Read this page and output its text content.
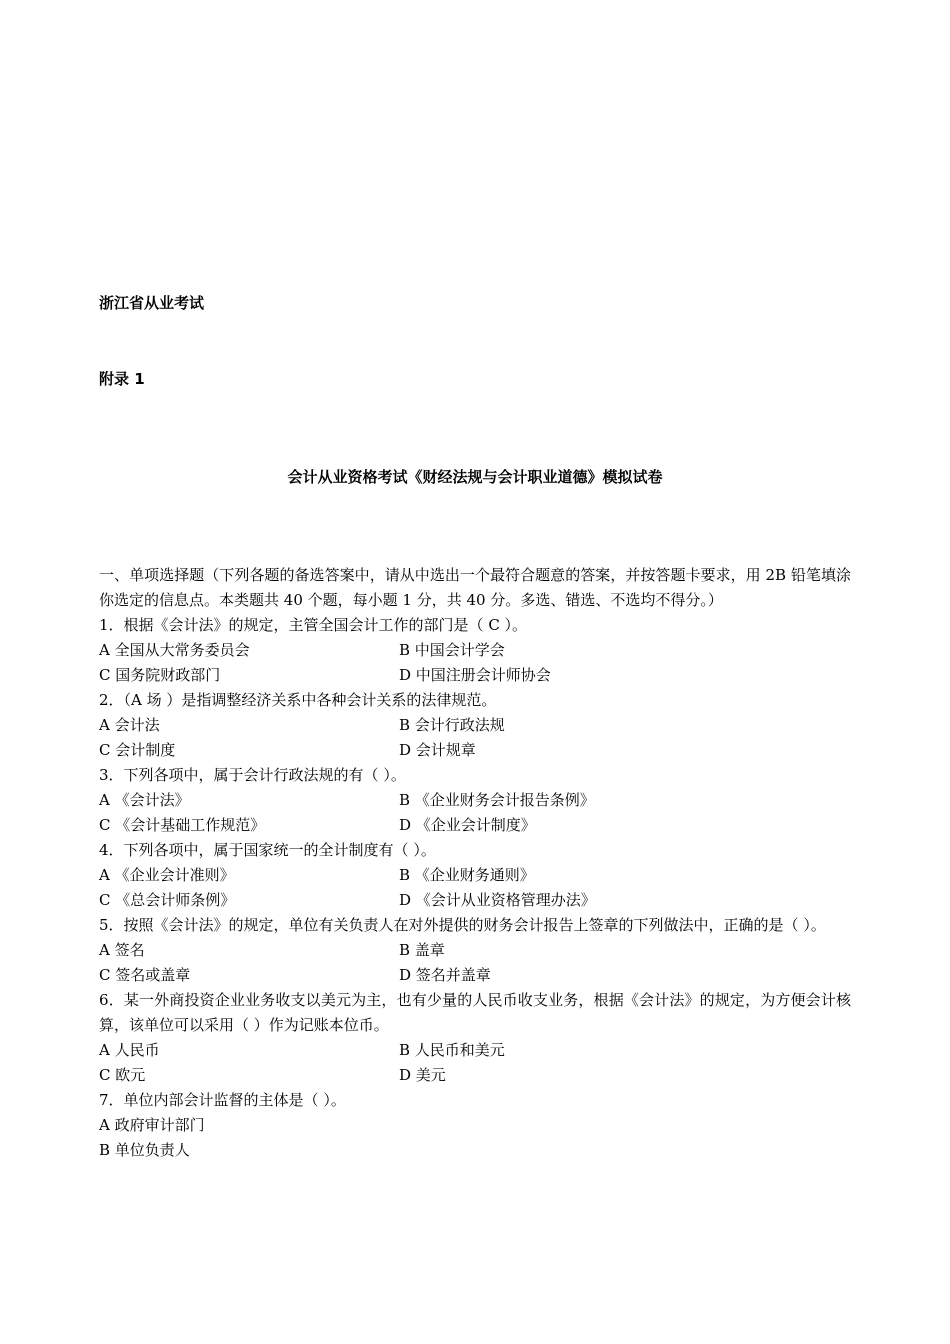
浙江省从业考试
附录 1
会计从业资格考试《财经法规与会计职业道德》模拟试卷

一、单项选择题（下列各题的备选答案中，请从中选出一个最符合题意的答案，并按答题卡要求，用 2B 铅笔填涂你选定的信息点。本类题共 40 个题，每小题 1 分，共 40 分。多选、错选、不选均不得分。）

1．根据《会计法》的规定，主管全国会计工作的部门是（ C ）。
A 全国从大常务委员会	B 中国会计学会
C 国务院财政部门	D 中国注册会计师协会
2．（A 场 ）是指调整经济关系中各种会计关系的法律规范。
A 会计法	B 会计行政法规
C 会计制度	D 会计规章
3．下列各项中，属于会计行政法规的有（ ）。
A 《会计法》	B 《企业财务会计报告条例》
C 《会计基础工作规范》	D 《企业会计制度》
4．下列各项中，属于国家统一的全计制度有（ ）。
A 《企业会计准则》	B 《企业财务通则》
C 《总会计师条例》	D 《会计从业资格管理办法》

5．按照《会计法》的规定，单位有关负责人在对外提供的财务会计报告上签章的下列做法中，正确的是（ ）。

A 签名	B 盖章
C 签名或盖章	D 签名并盖章

6．某一外商投资企业业务收支以美元为主，也有少量的人民币收支业务，根据《会计法》的规定，为方便会计核算，该单位可以采用（ ）作为记账本位币。

A 人民币	B 人民币和美元
C 欧元	D 美元
7．单位内部会计监督的主体是（ ）。
A 政府审计部门
B 单位负责人
